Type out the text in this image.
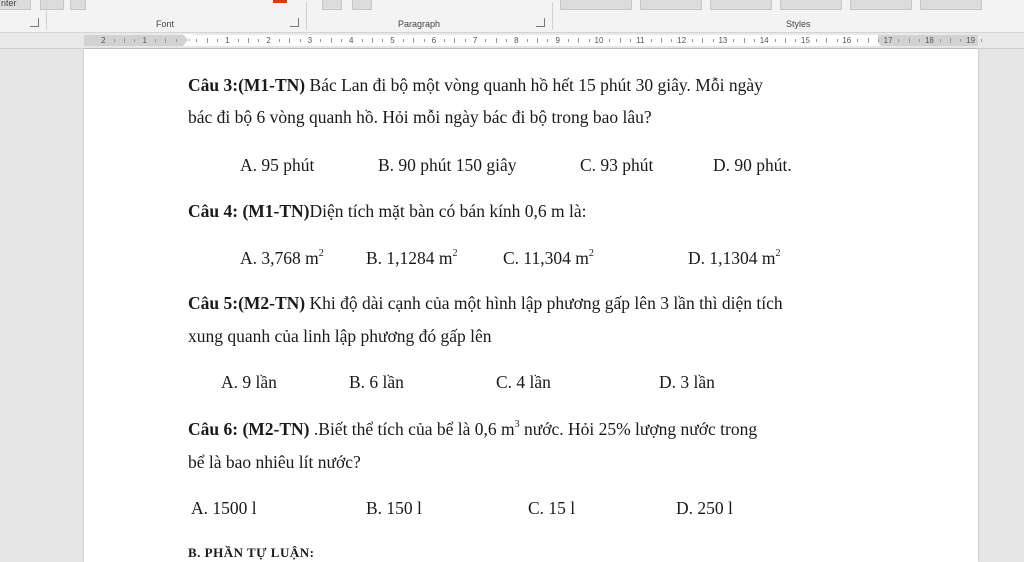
nter
Font	Paragraph	Styles
2	1	1	2	3	4	5	6	7	8	9	10	11	12	13	14	15	16	17	18	19
Câu 3:(M1-TN) Bác Lan đi bộ một vòng quanh hồ hết 15 phút 30 giây. Mỗi ngày
bác đi bộ 6 vòng quanh hồ. Hỏi mỗi ngày bác đi bộ trong bao lâu?
A. 95 phút	B. 90 phút 150 giây	C. 93 phút	D. 90 phút.
Câu 4: (M1-TN)Diện tích mặt bàn có bán kính 0,6 m là:
A. 3,768 $m^2$ B. 1,1284 $m^2$	C. 11,304 $m^2$	D. 1,1304 $m^2$
Câu 5:(M2-TN) Khi độ dài cạnh của một hình lập phương gấp lên 3 lần thì diện tích
xung quanh của linh lập phương đó gấp lên
A. 9 lần	B. 6 lần	C. 4 lần	D. 3 lần
Câu 6: (M2-TN) .Biết thể tích của bể là 0,6 $m^3$ nước. Hỏi 25% lượng nước trong
bể là bao nhiêu lít nước?
A. 1500 l	B. 150 l	C. 15 l	D. 250 l
B. PHẦN TỰ LUẬN:
